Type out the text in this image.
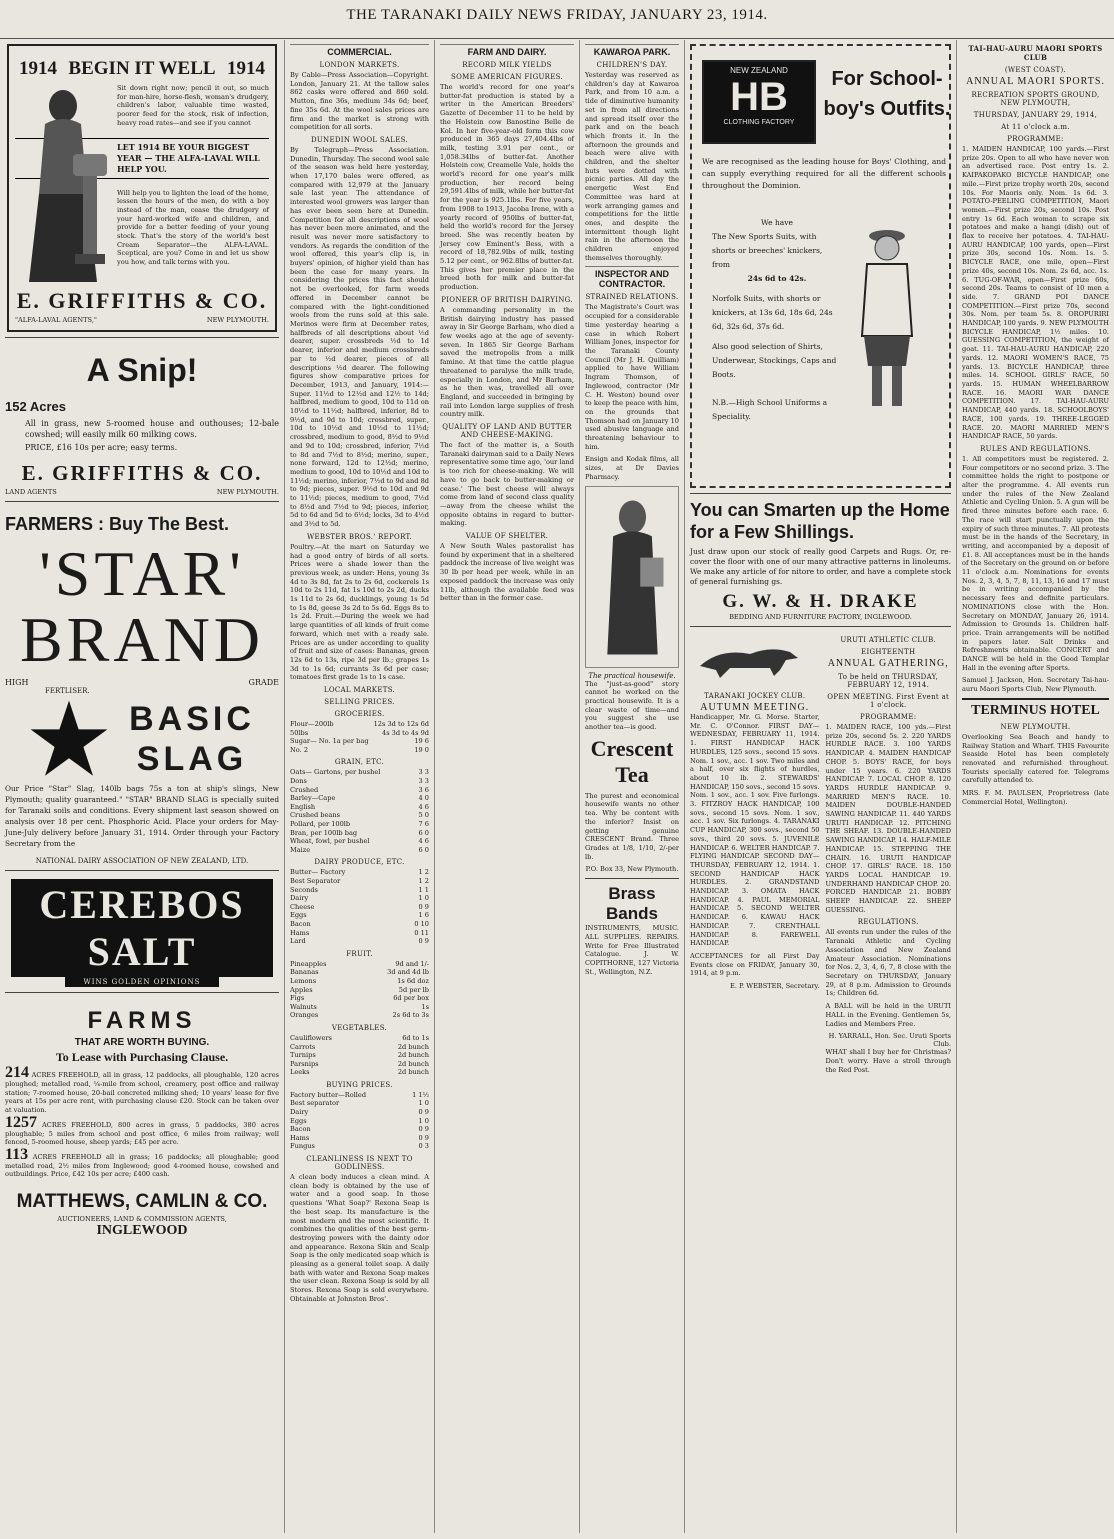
THE TARANAKI DAILY NEWS FRIDAY, JANUARY 23, 1914.
1914 BEGIN IT WELL 1914

Sit down right now; pencil it out, so much for man-hire, horse-flesh, woman's drudgery, children's labor, valuable time wasted, poorer feed for the stock, risk of infection, heavy road rates—and see if you cannot

LET 1914 BE YOUR BIGGEST YEAR — THE ALFA-LAVAL WILL HELP YOU.

Will help you to lighten the load of the home, lessen the hours of the men, do with a boy instead of the man, cease the drudgery of your hard-worked wife and children, and provide for a better feeding of your young stock. That's the story of the world's best Cream Separator—the ALFA-LAVAL. Sceptical, are you? Come in and let us show you how, and talk terms with you.

E. GRIFFITHS & CO.
"ALFA-LAVAL AGENTS,"	NEW PLYMOUTH.
A Snip!
152 Acres

All in grass, new 5-roomed house and outhouses; 12-bale cowshed; will easily milk 60 milking cows.

PRICE, £16 10s per acre; easy terms.

E. GRIFFITHS & CO.
LAND AGENTS	NEW PLYMOUTH.
FARMERS : Buy The Best.
'STAR'
BRAND
HIGH	GRADE
FERTLISER.
BASIC
SLAG

Our Price "Star" Slag, 140lb bags 75s a ton at ship's slings, New Plymouth; quality guaranteed." "STAR" BRAND SLAG is specially suited for Taranaki soils and conditions. Every shipment last season showed on analysis over 18 per cent. Phosphoric Acid. Place your orders for May-June-July delivery before January 31, 1914. Order through your Factory Secretary from the

NATIONAL DAIRY ASSOCIATION OF NEW ZEALAND, LTD.
CEREBOS SALT
WINS GOLDEN OPINIONS
FARMS
THAT ARE WORTH BUYING.
To Lease with Purchasing Clause.

214 ACRES FREEHOLD, all in grass, 12 paddocks, all ploughable, 120 acres ploughed; metalled road, ¼-mile from school, creamery, post office and railway station; 7-roomed house, 20-bail concreted milking shed; 10 years' lease for five years at 15s per acre rent, with purchasing clause £20. Stock can be taken over at valuation.

1257 ACRES FREEHOLD, 800 acres in grass, 5 paddocks, 380 acres ploughable; 5 miles from school and post office, 6 miles from railway; well fenced, 5-roomed house, sheep yards; £45 per acre.

113 ACRES FREEHOLD all in grass; 16 paddocks; all ploughable; good metalled road, 2½ miles from Inglewood; good 4-roomed house, cowshed and outbuildings. Price, £42 10s per acre; £400 cash.

MATTHEWS, CAMLIN & CO.
AUCTIONEERS, LAND & COMMISSION AGENTS,
INGLEWOOD
COMMERCIAL.
LONDON MARKETS.

By Cable—Press Association—Copyright. London, January 21. At the tallow sales 862 casks were offered and 860 sold. Mutton, fine 36s, medium 34s 6d; beef, fine 35s 6d. At the wool sales prices are firm and the market is strong with competition for all sorts.

DUNEDIN WOOL SALES.

By Telegraph—Press Association. Dunedin, Thursday. The second wool sale of the season was held here yesterday, when 17,170 bales were offered, as compared with 12,979 at the January sale last year. The attendance of interested wool growers was larger than has ever been seen here at Dunedin. Competition for all descriptions of wool has never been more animated, and the result was never more satisfactory to vendors. As regards the condition of the wool offered, this year's clip is, in buyers' opinion, of higher yield than has been the case for many years. In considering the prices this fact should not be overlooked, for farm weeds offered in December cannot be compared with the light-conditioned wools from the runs sold at this sale. Merinos were firm at December rates, halfbreds of all descriptions about ½d dearer, super. crossbreds ½d to 1d dearer, inferior and medium crossbreds par to ½d dearer, pieces of all descriptions ½d dearer. The following figures show comparative prices for December, 1913, and January, 1914:—Super. 11½d to 12½d and 12½ to 14d; halfbred, medium to good, 10d to 11d on 10½d to 11½d; halfbred, inferior, 8d to 9½d, and 9d to 10d; crossbred, super., 10d to 10½d and 10½d to 11½d; crossbred, medium to good, 8½d to 9½d and 9d to 10d; crossbred, inferior, 7½d to 8d and 7½d to 8½d; merino, super., none forward, 12d to 12½d; merino, medium to good, 10d to 10½d and 10d to 11½d; merino, inferior, 7½d to 9d and 8d to 9d; pieces, super. 9½d to 10d and 9d to 11½d; pieces, medium to good, 7½d to 8½d and 7½d to 9d; pieces, inferior, 5d to 6d and 5d to 6½d; locks, 3d to 4½d and 3½d to 5d.

WEBSTER BROS.' REPORT.

Poultry.—At the mart on Saturday we had a good entry of birds of all sorts. Prices were a shade lower than the previous week, as under: Hens, young 3s 4d to 3s 8d, fat 2s to 2s 6d, cockerels 1s 10d to 2s 11d, fat 1s 10d to 2s 2d, ducks 1s 11d to 2s 6d, ducklings, young 1s 5d to 1s 8d, geese 3s 2d to 5s 6d. Eggs 8s to 1s 2d. Fruit.—During the week we had large quantities of all kinds of fruit come forward, which met with a ready sale. Prices are as under according to quality of fruit and size of cases: Bananas, green 12s 6d to 13s, ripe 3d per lb.; grapes 1s 3d to 1s 6d; currants 3s 6d per case; tomatoes first grade 1s to 1s case.

LOCAL MARKETS.
SELLING PRICES.
GROCERIES.
Flour—200lb	12s 3d to 12s 6d
50lbs	4s 3d to 4s 9d
Sugar— No. 1a per bag	19 6
No. 2	19 0
GRAIN, ETC.
Oats— Gartons, per bushel	3 3
Dons	3 3
Crushed	3 6
Barley—Cape	4 0
English	4 6
Crushed beans	5 0
Pollard, per 100lb	7 6
Bran, per 100lb bag	6 0
Wheat, fowl, per bushel	4 6
Maize	6 0
DAIRY PRODUCE, ETC.
Butter— Factory	1 2
Best Separator	1 2
Seconds	1 1
Dairy	1 0
Cheese	0 9
Eggs	1 6
Bacon	0 10
Hams	0 11
Lard	0 9
FRUIT.
Pineapples	9d and 1/-
Bananas	3d and 4d lb
Lemons	1s 6d doz
Apples	5d per lb
Figs	6d per box
Walnuts	1s
Oranges	2s 6d to 3s
VEGETABLES.
Cauliflowers	6d to 1s
Carrots	2d bunch
Turnips	2d bunch
Parsnips	2d bunch
Leeks	2d bunch
BUYING PRICES.
Factory butter—Rolled	1 1½
Best separator	1 0
Dairy	0 9
Eggs	1 0
Bacon	0 9
Hams	0 9
Fungus	0 3
CLEANLINESS IS NEXT TO GODLINESS.

A clean body induces a clean mind. A clean body is obtained by the use of water and a good soap. In those questions 'What Soap?' Rexona Soap is the best soap. Its manufacture is the most modern and the most scientific. It combines the qualities of the best germ-destroying powers with the dainty odor and appearance. Rexona Skin and Scalp Soap is the only medicated soap which is pleasing as a general toilet soap. A daily bath with water and Rexona Soap makes the user clean. Rexona Soap is sold by all Stores. Rexona Soap is sold everywhere. Obtainable at Johnston Bros'.

FARM AND DAIRY.
RECORD MILK YIELDS
SOME AMERICAN FIGURES.

The world's record for one year's butter-fat production is stated by a writer in the American Breeders' Gazette of December 11 to be held by the Holstein cow Banostine Belle de Kol. In her five-year-old form this cow produced in 365 days 27,404.4lbs of milk, testing 3.91 per cent., or 1,058.34lbs of butter-fat. Another Holstein cow, Creamelle Vale, holds the world's record for one year's milk production, her record being 29,591.4lbs of milk, while her butter-fat for the year is 925.1lbs. For five years, from 1908 to 1913, Jacoba Irene, with a yearly record of 950lbs of butter-fat, held the world's record for the Jersey breed. She was recently beaten by Jersey cow Eminent's Bess, with a record of 18,782.9lbs of milk, testing 5.12 per cent., or 962.8lbs of butter-fat. This gives her premier place in the breed both for milk and butter-fat production.

PIONEER OF BRITISH DAIRYING.

A commanding personality in the British dairying industry has passed away in Sir George Barham, who died a few weeks ago at the age of seventy-seven. In 1865 Sir George Barham saved the metropolis from a milk famine. At that time the cattle plague threatened to paralyse the milk trade, especially in London, and Mr Barham, as he then was, travelled all over England, and succeeded in bringing by rail into London large supplies of fresh country milk.

QUALITY OF LAND AND BUTTER AND CHEESE-MAKING.

The fact of the matter is, a South Taranaki dairyman said to a Daily News representative some time ago, 'our land is too rich for cheese-making. We will have to go back to butter-making or cease.' The best cheese will always come from land of second class quality—away from the cheese whilst the opposite obtains in regard to butter-making.

VALUE OF SHELTER.

A New South Wales pastoralist has found by experiment that in a sheltered paddock the increase of live weight was 30 lb per head per week, while in an exposed paddock the increase was only 11lb, although the available feed was better than in the former case.

KAWAROA PARK.
CHILDREN'S DAY.

Yesterday was reserved as children's day at Kawaroa Park, and from 10 a.m. a tide of diminutive humanity set in from all directions and spread itself over the park and on the beach which fronts it. In the afternoon the grounds and beach were alive with children, and the shelter huts were dotted with picnic parties. All day the energetic West End Committee was hard at work arranging games and competitions for the little ones, and despite the intermittent though light rain in the afternoon the children enjoyed themselves thoroughly.

INSPECTOR AND CONTRACTOR.
STRAINED RELATIONS.

The Magistrate's Court was occupied for a considerable time yesterday hearing a case in which Robert William Jones, inspector for the Taranaki County Council (Mr J. H. Quilliam) applied to have William Ingram Thomson, of Inglewood, contractor (Mr C. H. Weston) bound over to keep the peace with him, on the grounds that Thomson had on January 10 used abusive language and threatening behaviour to him.

Ensign and Kodak films, all sizes, at Dr Davies Pharmacy.

The practical housewife.

The "just-as-good" story cannot be worked on the practical housewife. It is a clear waste of time—and you suggest she use another tea—is good.

Crescent Tea

The purest and economical housewife wants no other tea. Why be content with the inferior? Insist on getting genuine CRESCENT Brand. Three Grades at 1/8, 1/10, 2/-per lb.

P.O. Box 33, New Plymouth.
Brass Bands

INSTRUMENTS, MUSIC. ALL SUPPLIES. REPAIRS. Write for Free Illustrated Catalogue. J. W. COPITHORNE, 127 Victoria St., Wellington, N.Z.

NEW ZEALAND
HB
CLOTHING FACTORY
For School-boy's Outfits.

We are recognised as the leading house for Boys' Clothing, and can supply everything required for all the different schools throughout the Dominion.

We have
The New Sports Suits, with shorts or breeches' knickers, from
24s 6d to 42s.
Norfolk Suits, with shorts or knickers, at 13s 6d, 18s 6d, 24s 6d, 32s 6d, 37s 6d.
Also good selection of Shirts, Underwear, Stockings, Caps and Boots.
N.B.—High School Uniforms a Speciality.
You can Smarten up the Home for a Few Shillings.

Just draw upon our stock of really good Carpets and Rugs. Or, re-cover the floor with one of our many attractive patterns in linoleums. We make any article of for nitore to order, and have a complete stock of general furnishing gs.

G. W. & H. DRAKE
BEDDING AND FURNITURE FACTORY, INGLEWOOD.
TARANAKI JOCKEY CLUB.
AUTUMN MEETING.

Handicapper, Mr. G. Morse. Starter, Mr. C. O'Connor. FIRST DAY—WEDNESDAY, FEBRUARY 11, 1914. 1. FIRST HANDICAP HACK HURDLES, 125 sovs., second 15 sovs. Nom. 1 sov., acc. 1 sov. Two miles and a half, over six flights of hurdles, about 10 lb. 2. STEWARDS' HANDICAP, 150 sovs., second 15 sovs. Nom. 1 sov., acc. 1 sov. Five furlongs. 3. FITZROY HACK HANDICAP, 100 sovs., second 15 sovs. Nom. 1 sov., acc. 1 sov. Six furlongs. 4. TARANAKI CUP HANDICAP, 300 sovs., second 50 sovs., third 20 sovs. 5. JUVENILE HANDICAP. 6. WELTER HANDICAP. 7. FLYING HANDICAP. SECOND DAY—THURSDAY, FEBRUARY 12, 1914. 1. SECOND HANDICAP HACK HURDLES. 2. GRANDSTAND HANDICAP. 3. OMATA HACK HANDICAP. 4. PAUL MEMORIAL HANDICAP. 5. SECOND WELTER HANDICAP. 6. KAWAU HACK HANDICAP. 7. CRENTHALL HANDICAP. 8. FAREWELL HANDICAP.

ACCEPTANCES for all First Day Events close on FRIDAY, January 30, 1914, at 9 p.m.

E. P. WEBSTER, Secretary.
URUTI ATHLETIC CLUB.
EIGHTEENTH
ANNUAL GATHERING,
To be held on THURSDAY, FEBRUARY 12, 1914.
OPEN MEETING. First Event at 1 o'clock.
PROGRAMME:

1. MAIDEN RACE, 100 yds.—First prize 20s, second 5s. 2. 220 YARDS HURDLE RACE. 3. 100 YARDS HANDICAP. 4. MAIDEN HANDICAP CHOP. 5. BOYS' RACE, for boys under 15 years. 6. 220 YARDS HANDICAP. 7. LOCAL CHOP. 8. 120 YARDS HURDLE HANDICAP. 9. MARRIED MEN'S RACE. 10. MAIDEN DOUBLE-HANDED SAWING HANDICAP. 11. 440 YARDS URUTI HANDICAP. 12. PITCHING THE SHEAF. 13. DOUBLE-HANDED SAWING HANDICAP. 14. HALF-MILE HANDICAP. 15. STEPPING THE CHAIN. 16. URUTI HANDICAP CHOP. 17. GIRLS' RACE. 18. 150 YARDS LOCAL HANDICAP. 19. UNDERHAND HANDICAP CHOP. 20. FORCED HANDICAP. 21. BOBBY SHEEP HANDICAP. 22. SHEEP GUESSING.

REGULATIONS.

All events run under the rules of the Taranaki Athletic and Cycling Association and New Zealand Amateur Association. Nominations for Nos. 2, 3, 4, 6, 7, 8 close with the Secretary on THURSDAY, January 29, at 8 p.m. Admission to Grounds 1s; Children 6d.

A BALL will be held in the URUTI HALL in the Evening. Gentlemen 5s, Ladies and Members Free.

H. YARRALL, Hon. Sec. Uruti Sports Club.

WHAT shall I buy her for Christmas? Don't worry. Have a stroll through the Red Post.

TAI-HAU-AURU MAORI SPORTS CLUB
(WEST COAST).
ANNUAL MAORI SPORTS.
RECREATION SPORTS GROUND, NEW PLYMOUTH,
THURSDAY, JANUARY 29, 1914,
At 11 o'clock a.m.
PROGRAMME:

1. MAIDEN HANDICAP, 100 yards.—First prize 20s. Open to all who have never won an advertised race. Post entry 1s. 2. KAIPAKOPAKO BICYCLE HANDICAP, one mile.—First prize trophy worth 20s, second 10s. For Maoris only. Nom. 1s 6d. 3. POTATO-PEELING COMPETITION, Maori women.—First prize 20s, second 10s. Post entry 1s 6d. Each woman to scrape six potatoes and make a hangi (dish) out of flax to receive her potatoes. 4. TAI-HAU-AURU HANDICAP, 100 yards, open—First prize 30s, second 10s. Nom. 1s. 5. BICYCLE RACE, one mile, open—First prize 40s, second 10s. Nom. 2s 6d, acc. 1s. 6. TUG-OF-WAR, open—First prize 60s, second 20s. Teams to consist of 10 men a side. 7. GRAND POI DANCE COMPETITION.—First prize 70s, second 30s. Nom. per team 5s. 8. OROPURIRI HANDICAP, 100 yards. 9. NEW PLYMOUTH BICYCLE HANDICAP, 1½ miles. 10. GUESSING COMPETITION, the weight of goat. 11. TAI-HAU-AURU HANDICAP, 220 yards. 12. MAORI WOMEN'S RACE, 75 yards. 13. BICYCLE HANDICAP, three miles. 14. SCHOOL GIRLS' RACE, 50 yards. 15. HUMAN WHEELBARROW RACE. 16. MAORI WAR DANCE COMPETITION. 17. TAI-HAU-AURU HANDICAP, 440 yards. 18. SCHOOLBOYS' RACE, 100 yards. 19. THREE-LEGGED RACE. 20. MAORI MARRIED MEN'S HANDICAP RACE, 50 yards.

RULES AND REGULATIONS.

1. All competitors must be registered. 2. Four competitors or no second prize. 3. The committee holds the right to postpone or alter the programme. 4. All events run under the rules of the New Zealand Athletic and Cycling Union. 5. A gun will be fired three minutes before each race. 6. The race will start punctually upon the expiry of such three minutes. 7. All protests must be in the hands of the Secretary, in writing, and accompanied by a deposit of £1. 8. All acceptances must be in the hands of the Secretary on the ground on or before 11 o'clock a.m. Nominations for events Nos. 2, 3, 4, 5, 7, 8, 11, 13, 16 and 17 must be in writing accompanied by the necessary fees and definite particulars. NOMINATIONS close with the Hon. Secretary on MONDAY, January 26, 1914. Admission to Grounds 1s. Children half-price. Train arrangements will be notified in papers later. Salt Drinks and Refreshments obtainable. CONCERT and DANCE will be held in the Good Templar Hall in the evening after Sports.

Samuel J. Jackson, Hon. Secretary Tai-hau-auru Maori Sports Club, New Plymouth.

TERMINUS HOTEL
NEW PLYMOUTH.

Overlooking Sea Beach and handy to Railway Station and Wharf. THIS Favourite Seaside Hotel has been completely renovated and refurnished throughout. Tourists specially catered for. Telegrams carefully attended to.

MRS. F. M. PAULSEN, Proprietress (late Commercial Hotel, Wellington).
